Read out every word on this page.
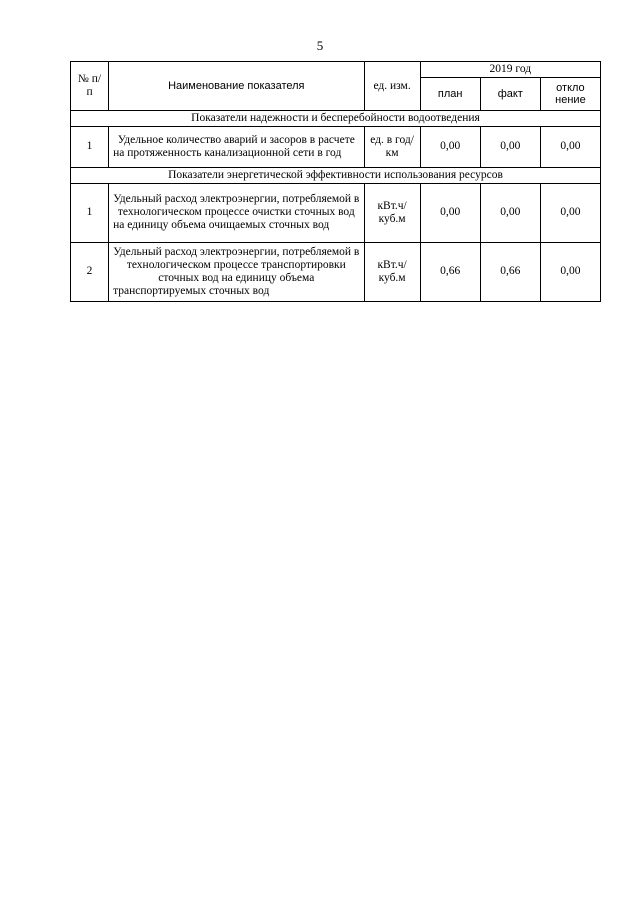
5
№ п/п	Наименование показателя	ед. изм.	2019 год		
			план	факт	откло нение
Показатели надежности и бесперебойности водоотведения					
1	Удельное количество аварий и засоров в расчете на протяженность канализационной сети в год	ед. в год/ км	0,00	0,00	0,00
Показатели энергетической эффективности использования ресурсов					
1	Удельный расход электроэнергии, потребляемой в технологическом процессе очистки сточных вод на единицу объема очищаемых сточных вод	кВт.ч/ куб.м	0,00	0,00	0,00
2	Удельный расход электроэнергии, потребляемой в технологическом процессе транспортировки сточных вод на единицу объема транспортируемых сточных вод	кВт.ч/ куб.м	0,66	0,66	0,00
